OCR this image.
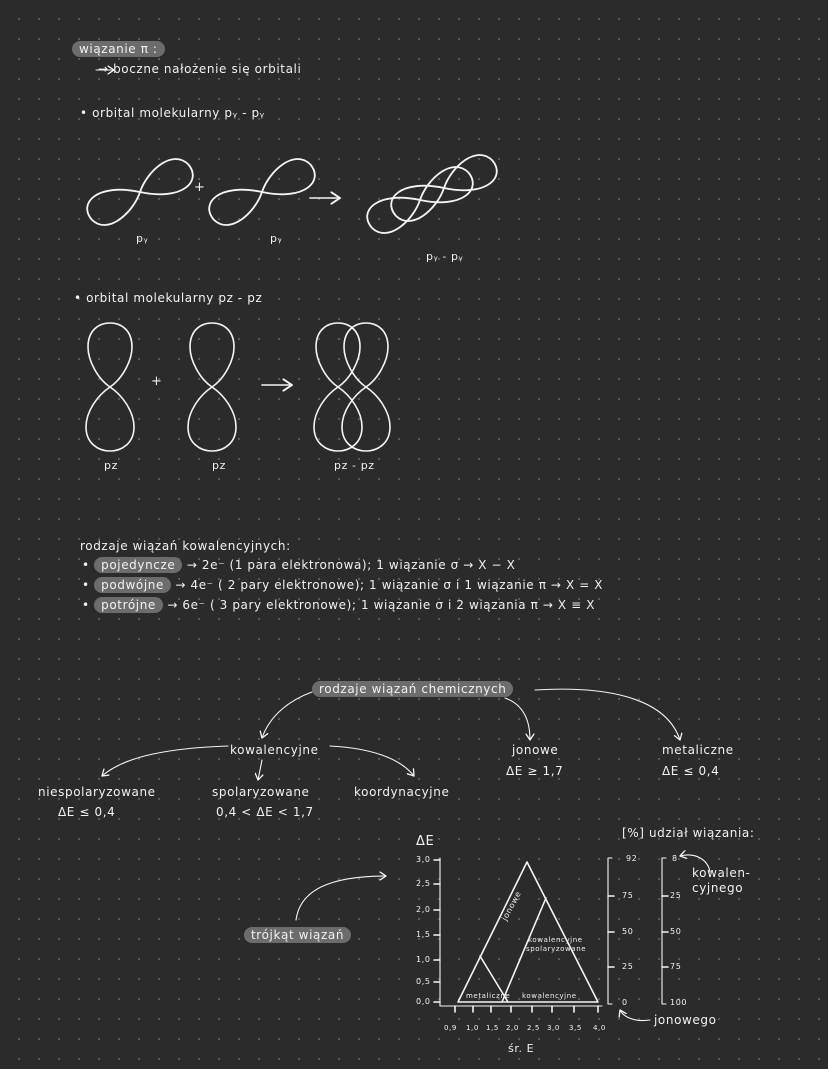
wiązanie π :
→ boczne nałożenie się orbitali
• orbital molekularny pᵧ - pᵧ
+
pᵧ	pᵧ
pᵧ - pᵧ
• orbital molekularny pz - pz
+
pz	pz	pz - pz
rodzaje wiązań kowalencyjnych:
• pojedyncze → 2e⁻ (1 para elektronowa); 1 wiązanie σ → X − X
• podwójne → 4e⁻ ( 2 pary elektronowe); 1 wiązanie σ i 1 wiązanie π → X = X
• potrójne → 6e⁻ ( 3 pary elektronowe); 1 wiązanie σ i 2 wiązania π → X ≡ X
rodzaje wiązań chemicznych
kowalencyjne	jonowe
ΔE ≥ 1,7
metaliczne
ΔE ≤ 0,4
niespolaryzowane
ΔE ≤ 0,4
spolaryzowane
0,4 < ΔE < 1,7
koordynacyjne
trójkąt wiązań
ΔE
3,0
2,5
2,0
1,5
1,0
0,5
0,0
0,9 1,0 1,5 2,0 2,5 3,0 3,5 4,0
śr. E
jonowe
kowalencyjne
spolaryzowane
metaliczne kowalencyjne
[%] udział wiązania:
92
75
50
25
0
8
25
50
75
100
kowalen-
cyjnego
jonowego
